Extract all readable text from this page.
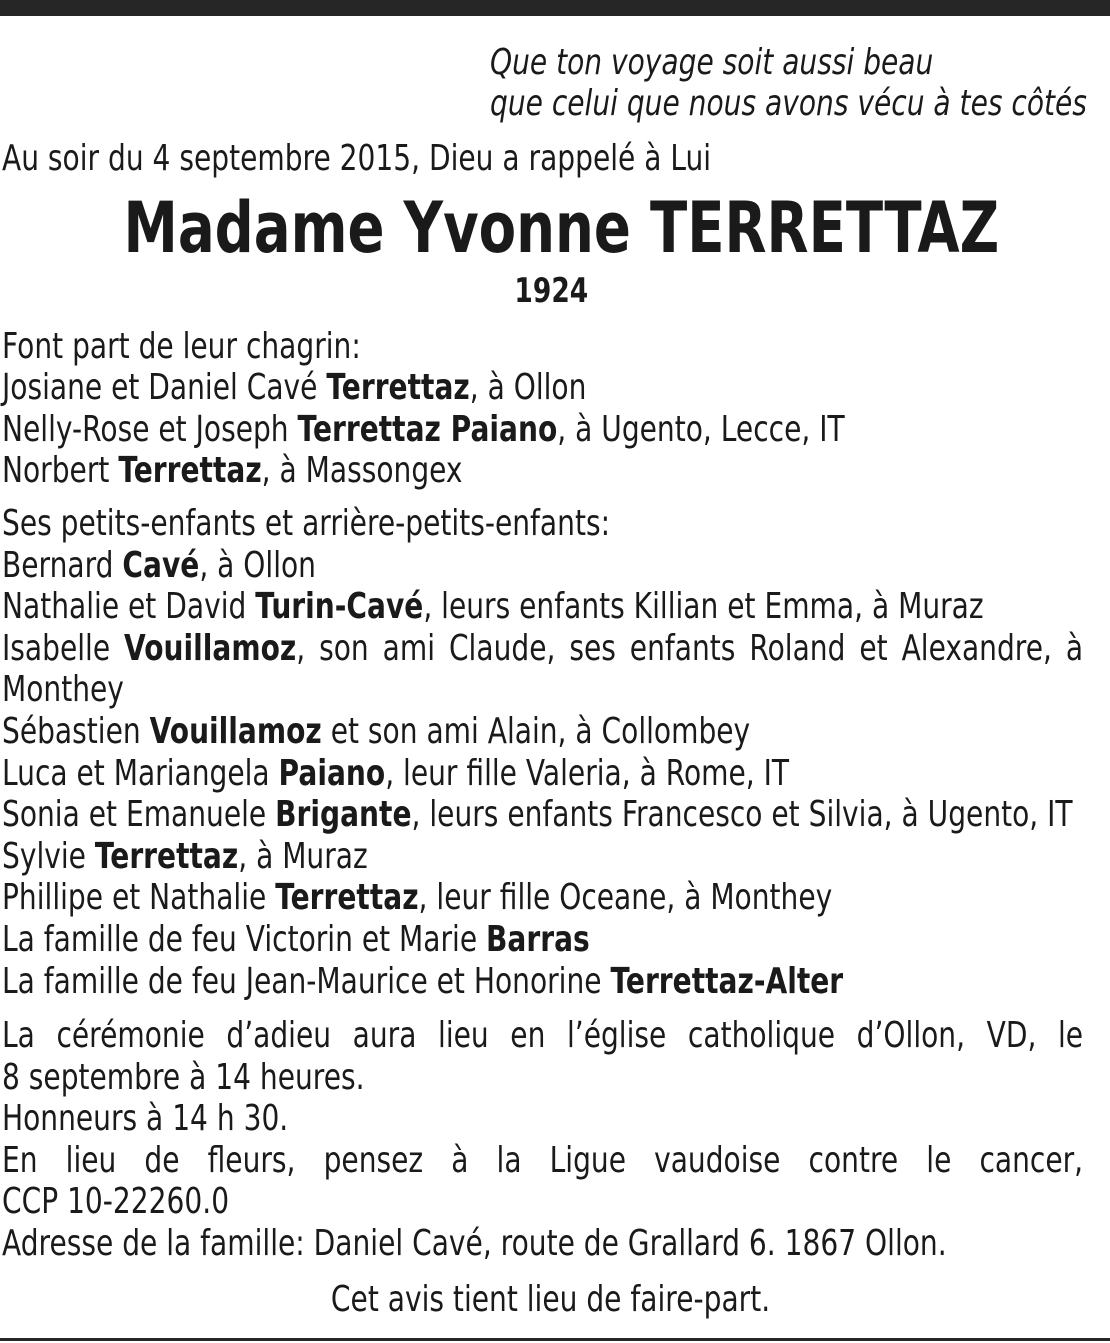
Que ton voyage soit aussi beau
que celui que nous avons vécu à tes côtés
Au soir du 4 septembre 2015, Dieu a rappelé à Lui
Madame Yvonne TERRETTAZ
1924

Font part de leur chagrin:

Josiane et Daniel Cavé Terrettaz, à Ollon

Nelly-Rose et Joseph Terrettaz Paiano, à Ugento, Lecce, IT

Norbert Terrettaz, à Massongex

Ses petits-enfants et arrière-petits-enfants:

Bernard Cavé, à Ollon

Nathalie et David Turin-Cavé, leurs enfants Killian et Emma, à Muraz

Isabelle Vouillamoz, son ami Claude, ses enfants Roland et Alexandre, à

Monthey

Sébastien Vouillamoz et son ami Alain, à Collombey

Luca et Mariangela Paiano, leur fille Valeria, à Rome, IT

Sonia et Emanuele Brigante, leurs enfants Francesco et Silvia, à Ugento, IT

Sylvie Terrettaz, à Muraz

Phillipe et Nathalie Terrettaz, leur fille Oceane, à Monthey

La famille de feu Victorin et Marie Barras

La famille de feu Jean-Maurice et Honorine Terrettaz-Alter

La cérémonie d’adieu aura lieu en l’église catholique d’Ollon, VD, le

8 septembre à 14 heures.

Honneurs à 14 h 30.

En lieu de fleurs, pensez à la Ligue vaudoise contre le cancer,

CCP 10-22260.0

Adresse de la famille: Daniel Cavé, route de Grallard 6. 1867 Ollon.

Cet avis tient lieu de faire-part.
